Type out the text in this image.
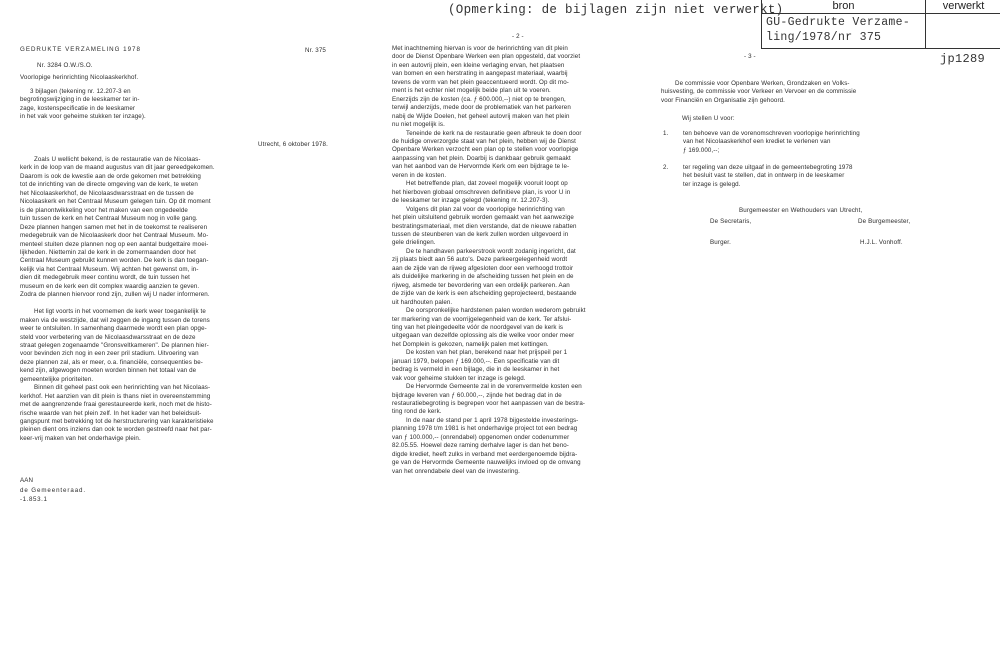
(Opmerking: de bijlagen zijn niet verwerkt)	bron	verwerkt
GU-Gedrukte Verzame-
ling/1978/nr 375
jp1289
GEDRUKTE VERZAMELING 1978	Nr. 375
Nr. 3284 O.W./S.O.
Voorlopige herinrichting Nicolaaskerkhof.

3 bijlagen (tekening nr. 12.207-3 en

begrotingswijziging in de leeskamer ter in-

zage, kostenspecificatie in de leeskamer

in het vak voor geheime stukken ter inzage).

Utrecht, 6 oktober 1978.

Zoals U wellicht bekend, is de restauratie van de Nicolaas-

kerk in de loop van de maand augustus van dit jaar gereedgekomen.

Daarom is ook de kwestie aan de orde gekomen met betrekking

tot de inrichting van de directe omgeving van de kerk, te weten

het Nicolaaskerkhof, de Nicolaasdwarsstraat en de tussen de

Nicolaaskerk en het Centraal Museum gelegen tuin. Op dit moment

is de planontwikkeling voor het maken van een ongedeelde

tuin tussen de kerk en het Centraal Museum nog in volle gang.

Deze plannen hangen samen met het in de toekomst te realiseren

medegebruik van de Nicolaaskerk door het Centraal Museum. Mo-

menteel stuiten deze plannen nog op een aantal budgettaire moei-

lijkheden. Niettemin zal de kerk in de zomermaanden door het

Centraal Museum gebruikt kunnen worden. De kerk is dan toegan-

kelijk via het Centraal Museum. Wij achten het gewenst om, in-

dien dit medegebruik meer continu wordt, de tuin tussen het

museum en de kerk een dit complex waardig aanzien te geven.

Zodra de plannen hiervoor rond zijn, zullen wij U nader informeren.

Het ligt voorts in het voornemen de kerk weer toegankelijk te

maken via de westzijde, dat wil zeggen de ingang tussen de torens

weer te ontsluiten. In samenhang daarmede wordt een plan opge-

steld voor verbetering van de Nicolaasdwarsstraat en de deze

straat gelegen zogenaamde "Gronsveltkameren". De plannen hier-

voor bevinden zich nog in een zeer pril stadium. Uitvoering van

deze plannen zal, als er meer, o.a. financiële, consequenties be-

kend zijn, afgewogen moeten worden binnen het totaal van de

gemeentelijke prioriteiten.

Binnen dit geheel past ook een herinrichting van het Nicolaas-

kerkhof. Het aanzien van dit plein is thans niet in overeenstemming

met de aangrenzende fraai gerestaureerde kerk, noch met de histo-

rische waarde van het plein zelf. In het kader van het beleidsuit-

gangspunt met betrekking tot de herstructurering van karakteristieke

pleinen dient ons inziens dan ook te worden gestreefd naar het par-

keer-vrij maken van het onderhavige plein.

AAN

de Gemeenteraad.

-1.853.1

- 2 -

Met inachtneming hiervan is voor de herinrichting van dit plein

door de Dienst Openbare Werken een plan opgesteld, dat voorziet

in een autovrij plein, een kleine verlaging ervan, het plaatsen

van bomen en een herstrating in aangepast materiaal, waarbij

tevens de vorm van het plein geaccentueerd wordt. Op dit mo-

ment is het echter niet mogelijk beide plan uit te voeren.

Enerzijds zijn de kosten (ca. ƒ 600.000,--) niet op te brengen,

terwijl anderzijds, mede door de problematiek van het parkeren

nabij de Wijde Doelen, het geheel autovrij maken van het plein

nu niet mogelijk is.

Teneinde de kerk na de restauratie geen afbreuk te doen door

de huidige onverzorgde staat van het plein, hebben wij de Dienst

Openbare Werken verzocht een plan op te stellen voor voorlopige

aanpassing van het plein. Doarbij is dankbaar gebruik gemaakt

van het aanbod van de Hervormde Kerk om een bijdrage te le-

veren in de kosten.

Het betreffende plan, dat zoveel mogelijk vooruit loopt op

het hierboven globaal omschreven definitieve plan, is voor U in

de leeskamer ter inzage gelegd (tekening nr. 12.207-3).

Volgens dit plan zal voor de voorlopige herinrichting van

het plein uitsluitend gebruik worden gemaakt van het aanwezige

bestratingsmateriaal, met dien verstande, dat de nieuwe rabatten

tussen de steunberen van de kerk zullen worden uitgevoerd in

gele drielingen.

De te handhaven parkeerstrook wordt zodanig ingericht, dat

zij plaats biedt aan 56 auto's. Deze parkeergelegenheid wordt

aan de zijde van de rijweg afgesloten door een verhoogd trottoir

als duidelijke markering in de afscheiding tussen het plein en de

rijweg, alsmede ter bevordering van een ordelijk parkeren. Aan

de zijde van de kerk is een afscheiding geprojecteerd, bestaande

uit hardhouten palen.

De oorspronkelijke hardstenen palen worden wederom gebruikt

ter markering van de voorrijgelegenheid van de kerk. Ter afslui-

ting van het pleingedeelte vóór de noordgevel van de kerk is

uitgegaan van dezelfde oplossing als die welke voor onder meer

het Domplein is gekozen, namelijk palen met kettingen.

De kosten van het plan, berekend naar het prijspeil per 1

januari 1979, belopen ƒ 169.000,--. Een specificatie van dit

bedrag is vermeld in een bijlage, die in de leeskamer in het

vak voor geheime stukken ter inzage is gelegd.

De Hervormde Gemeente zal in de vorenvermelde kosten een

bijdrage leveren van ƒ 60.000,--, zijnde het bedrag dat in de

restauratiebegroting is begrepen voor het aanpassen van de bestra-

ting rond de kerk.

In de naar de stand per 1 april 1978 bijgestelde investerings-

planning 1978 t/m 1981 is het onderhavige project tot een bedrag

van ƒ 100.000,-- (onrendabel) opgenomen onder codenummer

82.05.55. Hoewel deze raming derhalve lager is dan het beno-

digde krediet, heeft zulks in verband met eerdergenoemde bijdra-

ge van de Hervormde Gemeente nauwelijks invloed op de omvang

van het onrendabele deel van de investering.

- 3 -

De commissie voor Openbare Werken, Grondzaken en Volks-

huisvesting, de commissie voor Verkeer en Vervoer en de commissie

voor Financiën en Organisatie zijn gehoord.

Wij stellen U voor:
1. ten behoeve van de vorenomschreven voorlopige herinrichting

van het Nicolaaskerkhof een krediet te verlenen van

ƒ 169.000,--;

2. ter regeling van deze uitgaaf in de gemeentebegroting 1978

het besluit vast te stellen, dat in ontwerp in de leeskamer

ter inzage is gelegd.

Burgemeester en Wethouders van Utrecht,
De Secretaris,	De Burgemeester,
Burger.	H.J.L. Vonhoff.
